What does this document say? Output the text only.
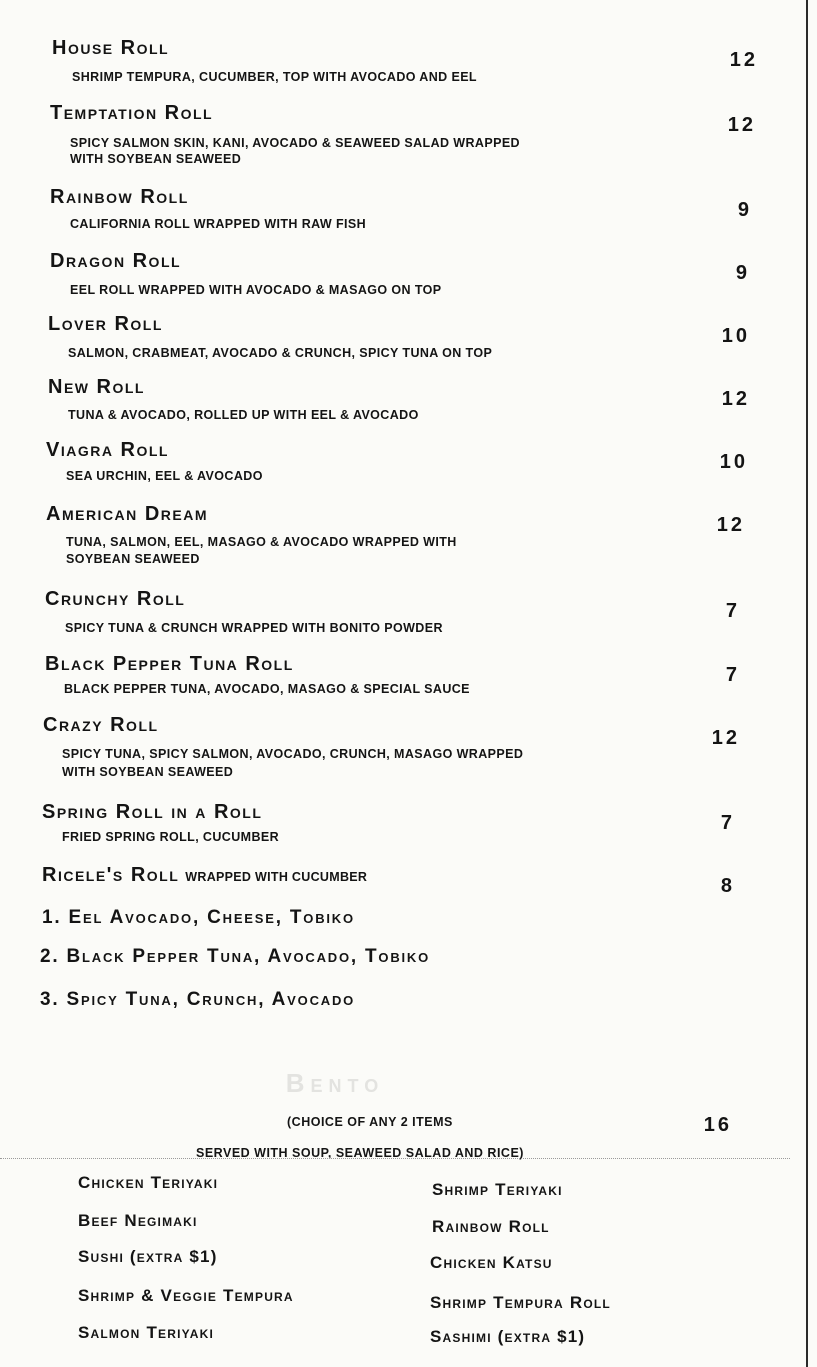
House Roll
SHRIMP TEMPURA, CUCUMBER, TOP WITH AVOCADO AND EEL
12
Temptation Roll
SPICY SALMON SKIN, KANI, AVOCADO & SEAWEED SALAD WRAPPED
WITH SOYBEAN SEAWEED
12
Rainbow Roll
CALIFORNIA ROLL WRAPPED WITH RAW FISH
9
Dragon Roll
EEL ROLL WRAPPED WITH AVOCADO & MASAGO ON TOP
9
Lover Roll
SALMON, CRABMEAT, AVOCADO & CRUNCH, SPICY TUNA ON TOP
10
New Roll
TUNA & AVOCADO, ROLLED UP WITH EEL & AVOCADO
12
Viagra Roll
SEA URCHIN, EEL & AVOCADO
10
American Dream
TUNA, SALMON, EEL, MASAGO & AVOCADO WRAPPED WITH
SOYBEAN SEAWEED
12
Crunchy Roll
SPICY TUNA & CRUNCH WRAPPED WITH BONITO POWDER
7
Black Pepper Tuna Roll
BLACK PEPPER TUNA, AVOCADO, MASAGO & SPECIAL SAUCE
7
Crazy Roll
SPICY TUNA, SPICY SALMON, AVOCADO, CRUNCH, MASAGO WRAPPED
WITH SOYBEAN SEAWEED
12
Spring Roll in a Roll
FRIED SPRING ROLL, CUCUMBER
7
Ricele's Roll WRAPPED WITH CUCUMBER	8
1. Eel Avocado, Cheese, Tobiko
2. Black Pepper Tuna, Avocado, Tobiko
3. Spicy Tuna, Crunch, Avocado
Bento
(CHOICE OF ANY 2 ITEMS	16
SERVED WITH SOUP, SEAWEED SALAD AND RICE)
Chicken Teriyaki
Beef Negimaki
Sushi (extra $1)
Shrimp & Veggie Tempura
Salmon Teriyaki
Shrimp Teriyaki
Rainbow Roll
Chicken Katsu
Shrimp Tempura Roll
Sashimi (extra $1)
